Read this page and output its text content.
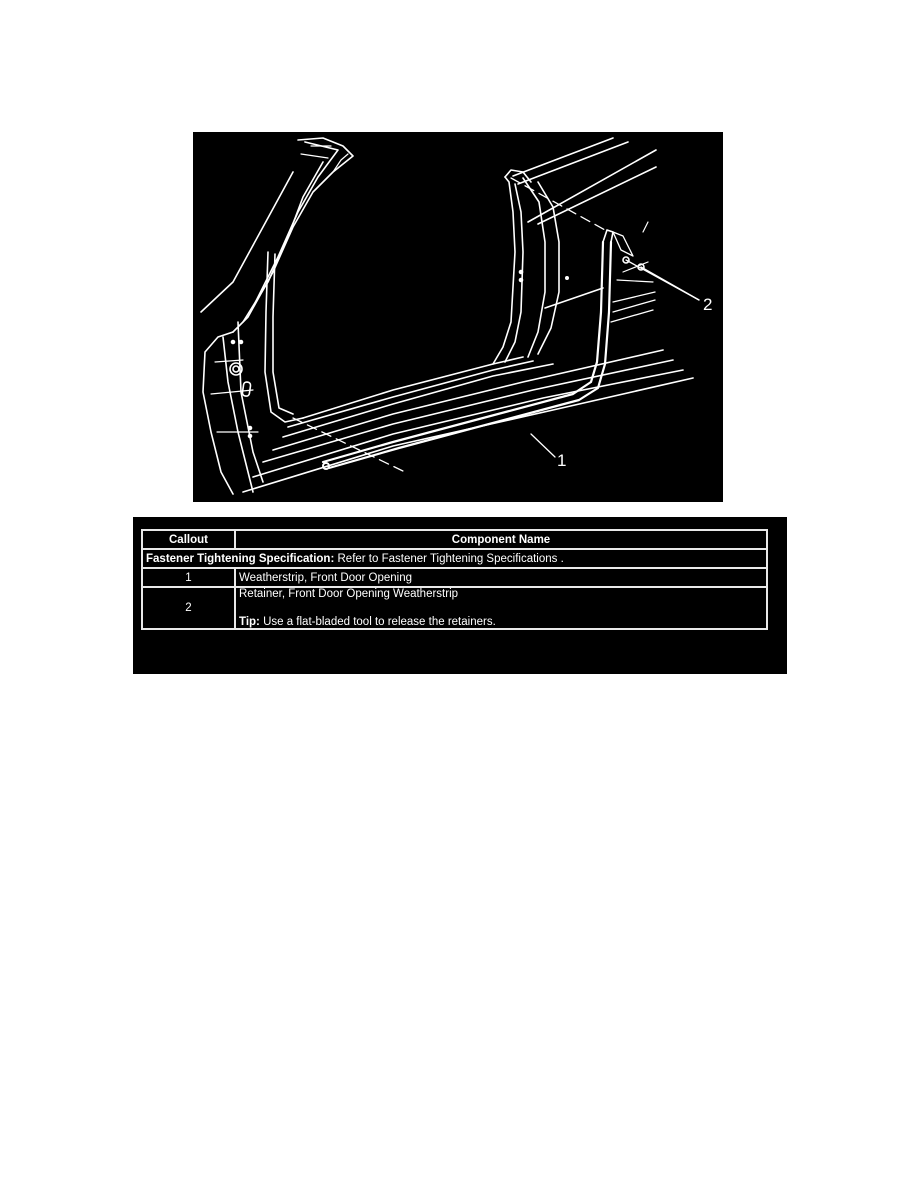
2
1
Callout	Component Name
Fastener Tightening Specification: Refer to Fastener Tightening Specifications .	
1	Weatherstrip, Front Door Opening
2	Retainer, Front Door Opening Weatherstrip
Tip: Use a flat-bladed tool to release the retainers.
